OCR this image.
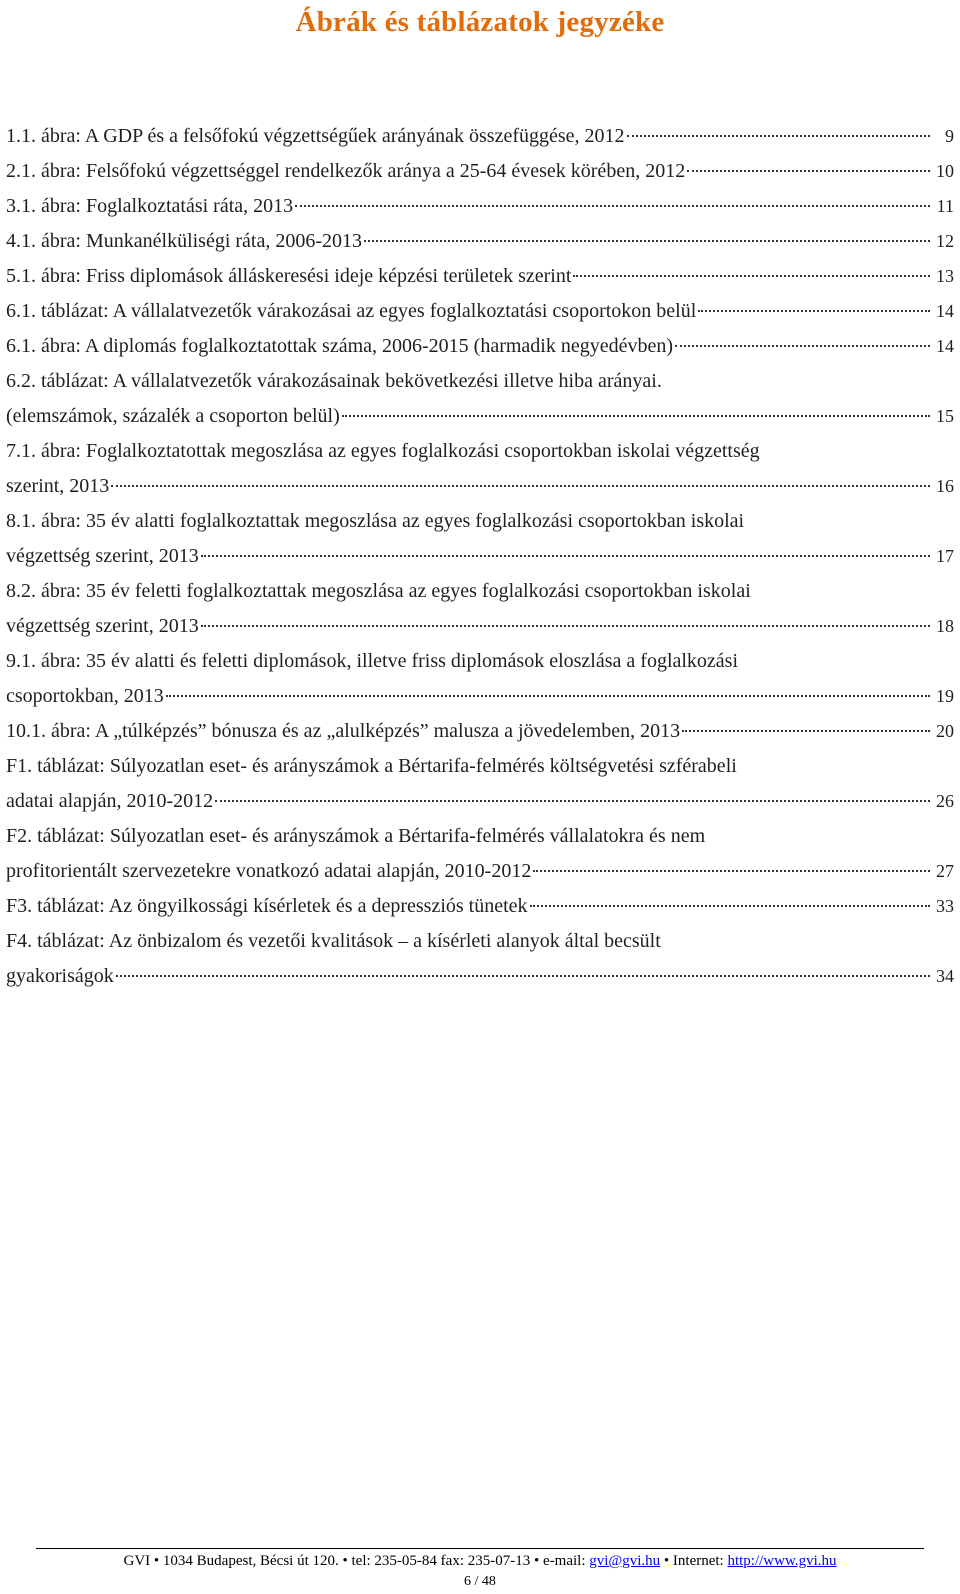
Ábrák és táblázatok jegyzéke
1.1. ábra: A GDP és a felsőfokú végzettségűek arányának összefüggése, 2012	9
2.1. ábra: Felsőfokú végzettséggel rendelkezők aránya a 25-64 évesek körében, 2012	10
3.1. ábra: Foglalkoztatási ráta, 2013	11
4.1. ábra: Munkanélküliségi ráta, 2006-2013	12
5.1. ábra: Friss diplomások álláskeresési ideje képzési területek szerint	13
6.1. táblázat: A vállalatvezetők várakozásai az egyes foglalkoztatási csoportokon belül	14
6.1. ábra: A diplomás foglalkoztatottak száma, 2006-2015 (harmadik negyedévben)	14
6.2. táblázat: A vállalatvezetők várakozásainak bekövetkezési illetve hiba arányai.
(elemszámok, százalék a csoporton belül)	15
7.1. ábra: Foglalkoztatottak megoszlása az egyes foglalkozási csoportokban iskolai végzettség
szerint, 2013	16
8.1. ábra: 35 év alatti foglalkoztattak megoszlása az egyes foglalkozási csoportokban iskolai
végzettség szerint, 2013	17
8.2. ábra: 35 év feletti foglalkoztattak megoszlása az egyes foglalkozási csoportokban iskolai
végzettség szerint, 2013	18
9.1. ábra: 35 év alatti és feletti diplomások, illetve friss diplomások eloszlása a foglalkozási
csoportokban, 2013	19
10.1. ábra: A „túlképzés” bónusza és az „alulképzés” malusza a jövedelemben, 2013	20
F1. táblázat: Súlyozatlan eset- és arányszámok a Bértarifa-felmérés költségvetési szférabeli
adatai alapján, 2010-2012	26
F2. táblázat: Súlyozatlan eset- és arányszámok a Bértarifa-felmérés vállalatokra és nem
profitorientált szervezetekre vonatkozó adatai alapján, 2010-2012	27
F3. táblázat: Az öngyilkossági kísérletek és a depressziós tünetek	33
F4. táblázat: Az önbizalom és vezetői kvalitások – a kísérleti alanyok által becsült
gyakoriságok	34
GVI • 1034 Budapest, Bécsi út 120. • tel: 235-05-84 fax: 235-07-13 • e-mail: gvi@gvi.hu • Internet: http://www.gvi.hu
6 / 48
